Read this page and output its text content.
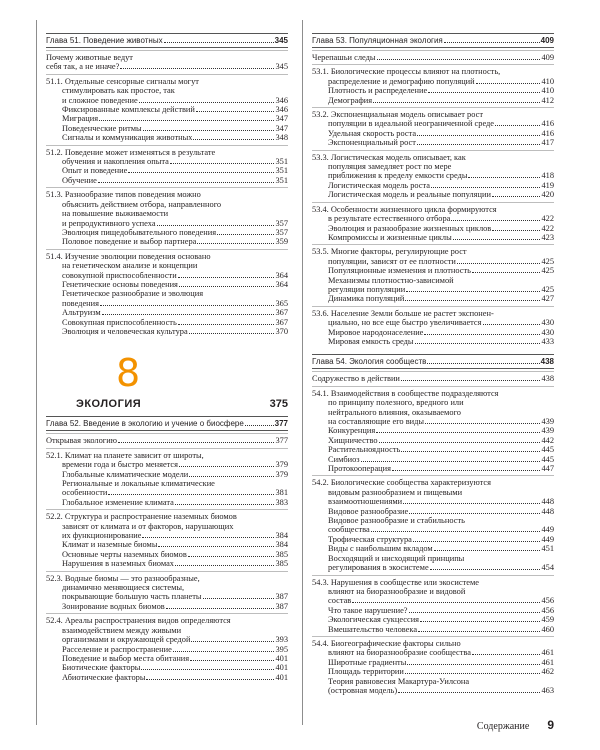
Глава 51. Поведение животных	345
Почему животные ведут
себя так, а не иначе?	345
51.1. Отдельные сенсорные сигналы могут
стимулировать как простое, так
и сложное поведение	346
Фиксированные комплексы действий	346
Миграция	347
Поведенческие ритмы	347
Сигналы и коммуникация животных	348
51.2. Поведение может изменяться в результате
обучения и накопления опыта	351
Опыт и поведение	351
Обучение	351
51.3. Разнообразие типов поведения можно
объяснить действием отбора, направленного
на повышение выживаемости
и репродуктивного успеха	357
Эволюция пищедобывательного поведения	357
Половое поведение и выбор партнера	359
51.4. Изучение эволюции поведения основано
на генетическом анализе и концепции
совокупной приспособленности	364
Генетические основы поведения	364
Генетическое разнообразие и эволюция
поведения	365
Альтруизм	367
Совокупная приспособленность	367
Эволюция и человеческая культура	370
8
ЭКОЛОГИЯ	375
Глава 52. Введение в экологию и учение о биосфере	377
Открывая экологию	377
52.1. Климат на планете зависит от широты,
времени года и быстро меняется	379
Глобальные климатические модели	379
Региональные и локальные климатические
особенности	381
Глобальное изменение климата	383
52.2. Структура и распространение наземных биомов
зависят от климата и от факторов, нарушающих
их функционирование	384
Климат и наземные биомы	384
Основные черты наземных биомов	385
Нарушения в наземных биомах	385
52.3. Водные биомы — это разнообразные,
динамично меняющиеся системы,
покрывающие большую часть планеты	387
Зонирование водных биомов	387
52.4. Ареалы распространения видов определяются
взаимодействием между живыми
организмами и окружающей средой	393
Расселение и распространение	395
Поведение и выбор места обитания	401
Биотические факторы	401
Абиотические факторы	401
Глава 53. Популяционная экология	409
Черепашьи следы	409
53.1. Биологические процессы влияют на плотность,
распределение и демографию популяций	410
Плотность и распределение	410
Демография	412
53.2. Экспоненциальная модель описывает рост
популяции в идеальной неограниченной среде	416
Удельная скорость роста	416
Экспоненциальный рост	417
53.3. Логистическая модель описывает, как
популяция замедляет рост по мере
приближения к пределу емкости среды	418
Логистическая модель роста	419
Логистическая модель и реальные популяции	420
53.4. Особенности жизненного цикла формируются
в результате естественного отбора	422
Эволюция и разнообразие жизненных циклов	422
Компромиссы и жизненные циклы	423
53.5. Многие факторы, регулирующие рост
популяции, зависят от ее плотности	425
Популяционные изменения и плотность	425
Механизмы плотностно-зависимой
регуляции популяции	425
Динамика популяций	427
53.6. Население Земли больше не растет экспонен-
циально, но все еще быстро увеличивается	430
Мировое народонаселение	430
Мировая емкость среды	433
Глава 54. Экология сообществ	438
Содружество в действии	438
54.1. Взаимодействия в сообществе подразделяются
по принципу полезного, вредного или
нейтрального влияния, оказываемого
на составляющие его виды	439
Конкуренция	439
Хищничество	442
Растительноядность	445
Симбиоз	445
Протокооперация	447
54.2. Биологические сообщества характеризуются
видовым разнообразием и пищевыми
взаимоотношениями	448
Видовое разнообразие	448
Видовое разнообразие и стабильность
сообщества	449
Трофическая структура	449
Виды с наибольшим вкладом	451
Восходящий и нисходящий принципы
регулирования в экосистеме	454
54.3. Нарушения в сообществе или экосистеме
влияют на биоразнообразие и видовой
состав	456
Что такое нарушение?	456
Экологическая сукцессия	459
Вмешательство человека	460
54.4. Биогеографические факторы сильно
влияют на биоразнообразие сообщества	461
Широтные градиенты	461
Площадь территории	462
Теория равновесия Макартура-Уилсона
(островная модель)	463
Содержание 9
